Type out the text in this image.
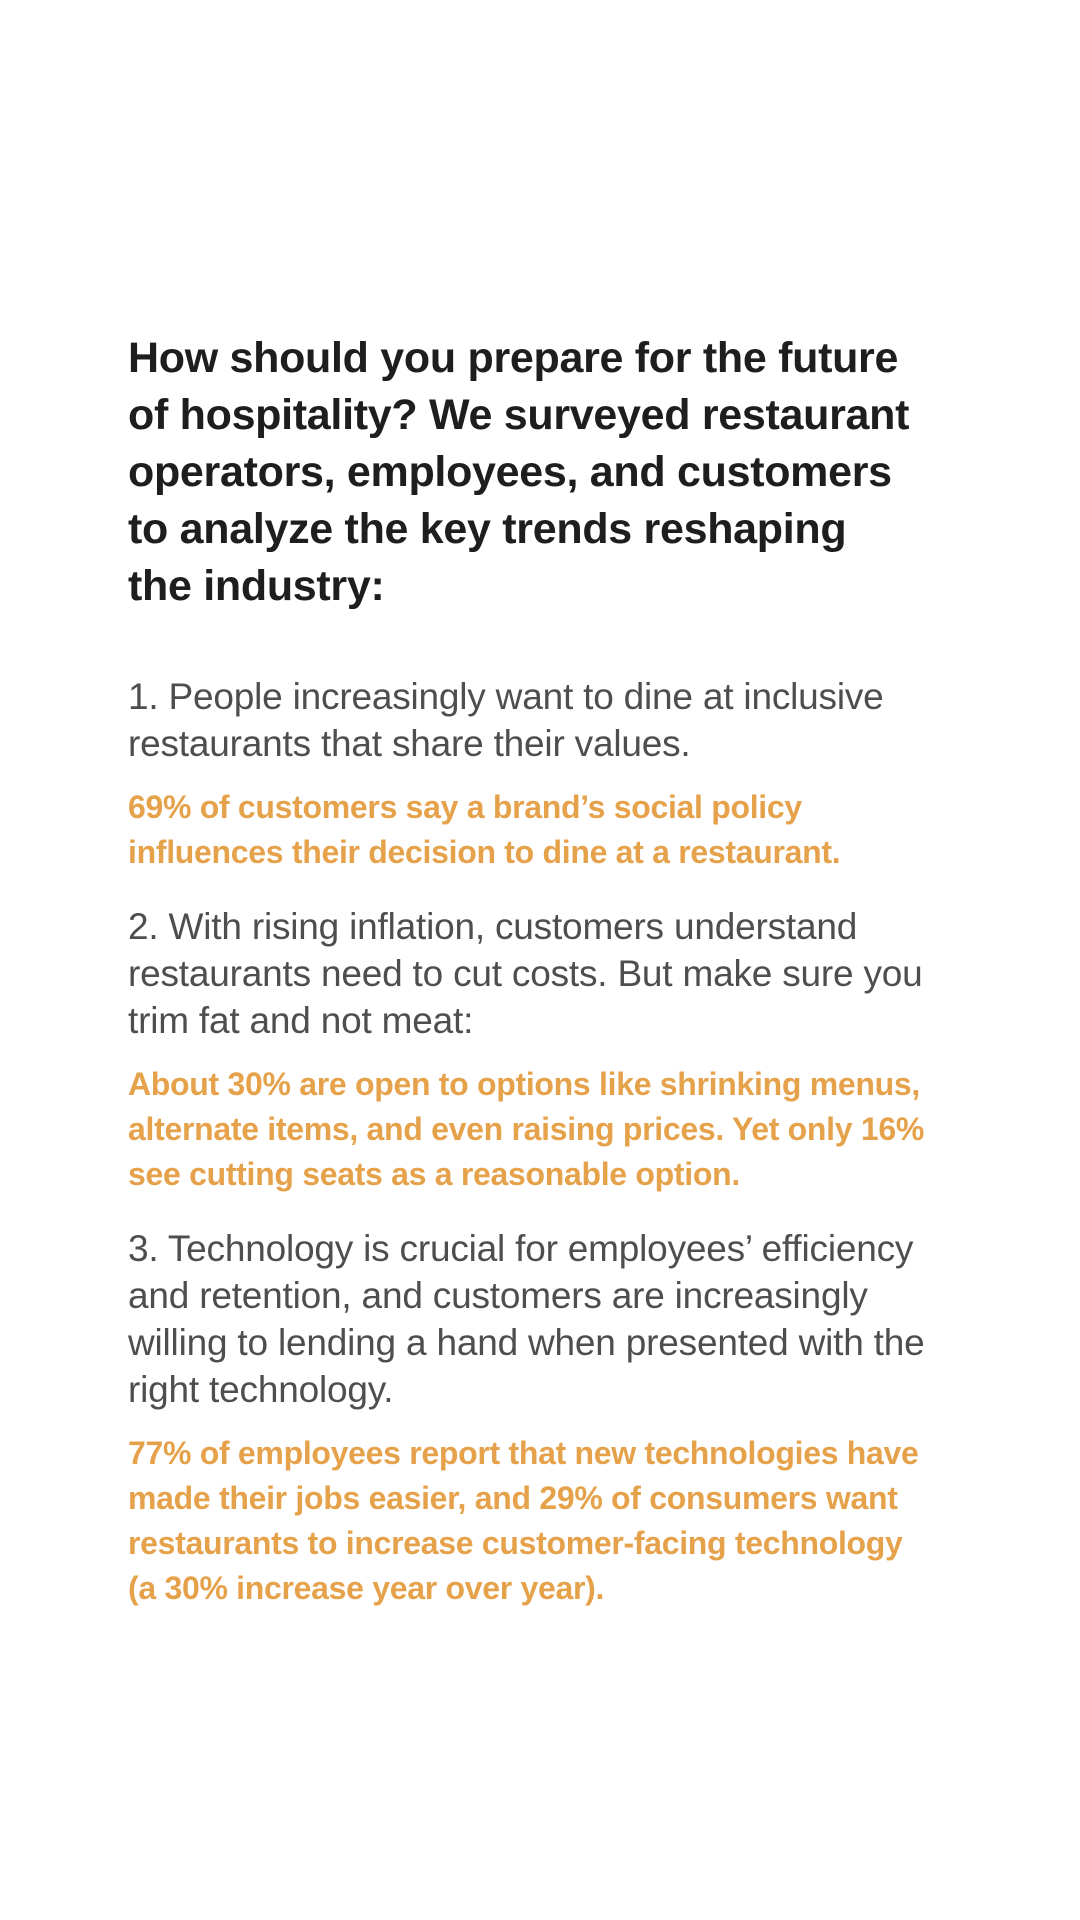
How should you prepare for the future
of hospitality? We surveyed restaurant
operators, employees, and customers
to analyze the key trends reshaping
the industry:

1. People increasingly want to dine at inclusive
restaurants that share their values.

69% of customers say a brand’s social policy
influences their decision to dine at a restaurant.

2. With rising inflation, customers understand
restaurants need to cut costs. But make sure you
trim fat and not meat:

About 30% are open to options like shrinking menus,
alternate items, and even raising prices. Yet only 16%
see cutting seats as a reasonable option.

3. Technology is crucial for employees’ efficiency
and retention, and customers are increasingly
willing to lending a hand when presented with the
right technology.

77% of employees report that new technologies have
made their jobs easier, and 29% of consumers want
restaurants to increase customer-facing technology
(a 30% increase year over year).
